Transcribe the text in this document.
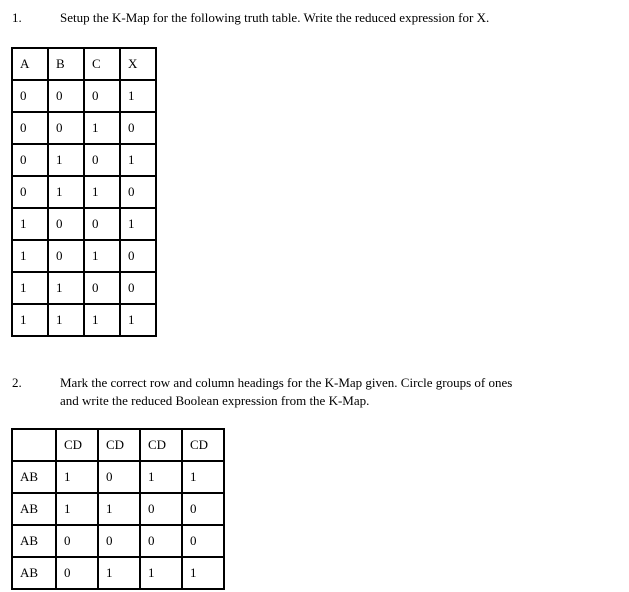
1.	Setup the K-Map for the following truth table. Write the reduced expression for X.
A	B	C	X

0	0	0	1

0	0	1	0

0	1	0	1

0	1	1	0

1	0	0	1

1	0	1	0

1	1	0	0

1	1	1	1
2.	Mark the correct row and column headings for the K-Map given. Circle groups of ones
and write the reduced Boolean expression from the K-Map.

	CD	CD	CD	CD

AB	1	0	1	1

AB	1	1	0	0

AB	0	0	0	0

AB	0	1	1	1
